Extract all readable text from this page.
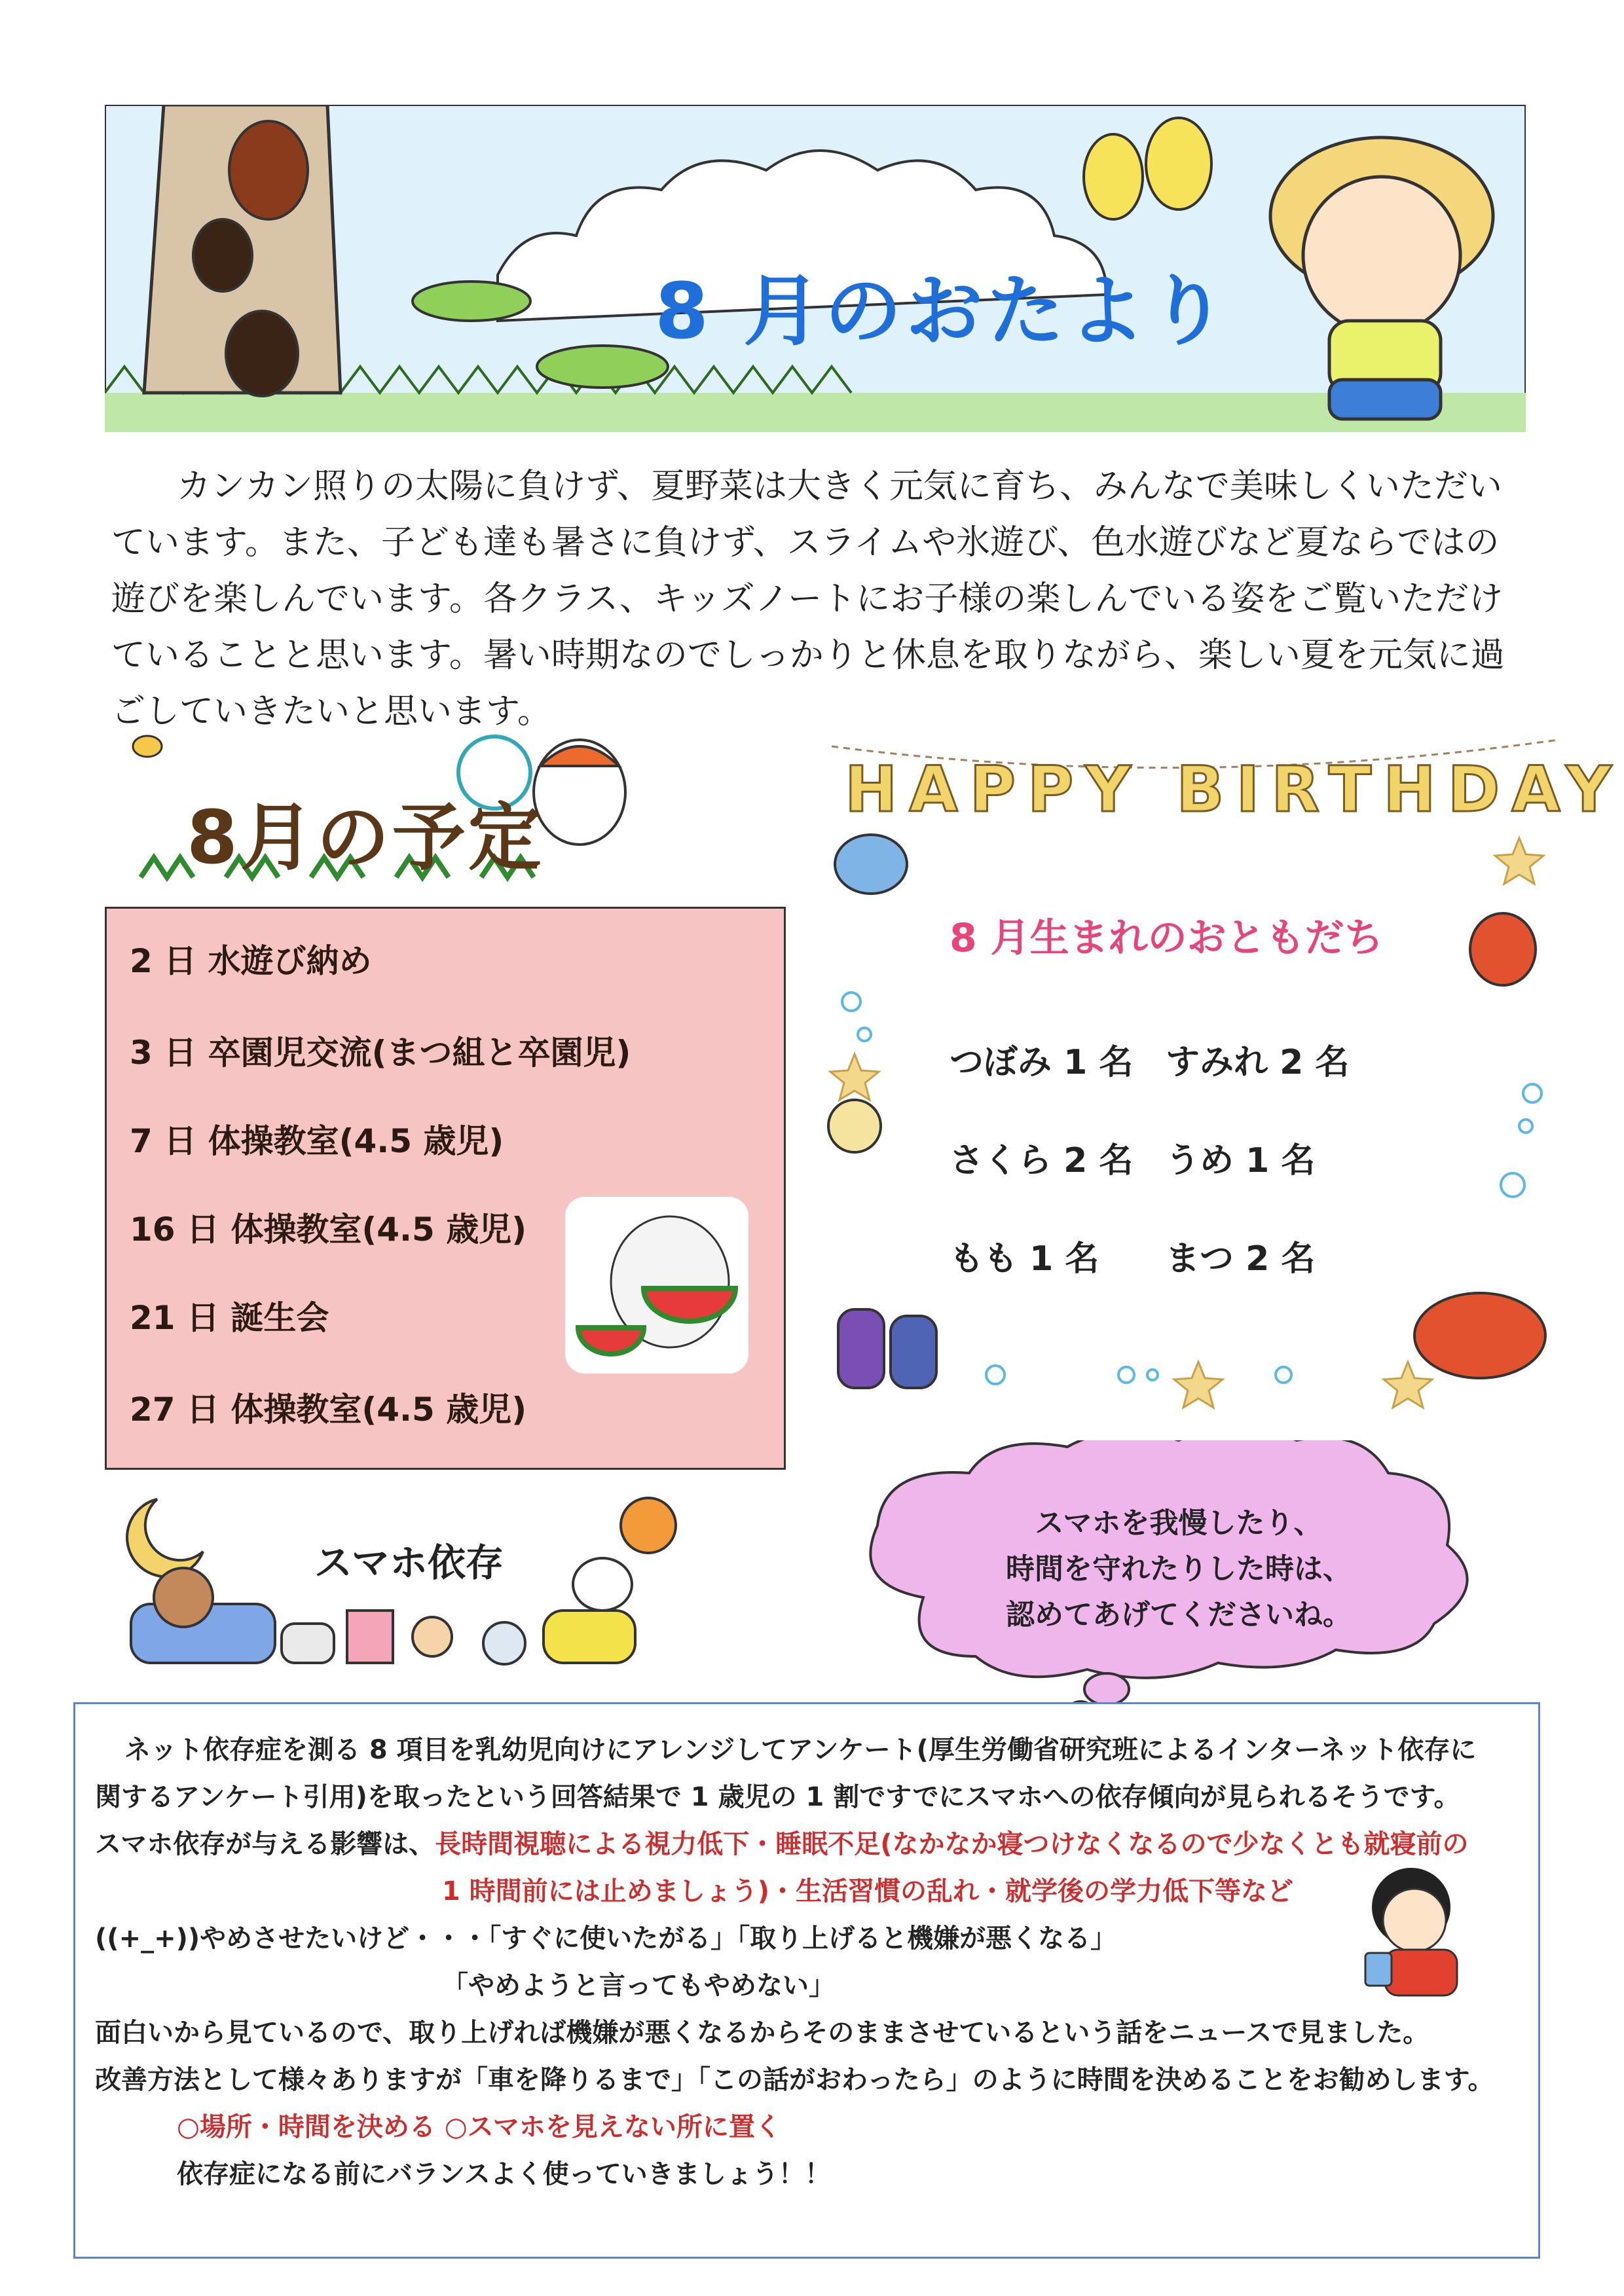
8 月のおたより
カンカン照りの太陽に負けず、夏野菜は大きく元気に育ち、みんなで美味しくいただいています。また、子ども達も暑さに負けず、スライムや氷遊び、色水遊びなど夏ならではの遊びを楽しんでいます。各クラス、キッズノートにお子様の楽しんでいる姿をご覧いただけていることと思います。暑い時期なのでしっかりと休息を取りながら、楽しい夏を元気に過ごしていきたいと思います。
8月の予定
2 日 水遊び納め
3 日 卒園児交流(まつ組と卒園児)
7 日 体操教室(4.5 歳児)
16 日 体操教室(4.5 歳児)
21 日 誕生会
27 日 体操教室(4.5 歳児)
HAPPY BIRTHDAY
8 月生まれのおともだち
つぼみ 1 名 すみれ 2 名
さくら 2 名 うめ 1 名
もも 1 名 まつ 2 名
スマホを我慢したり、
時間を守れたりした時は、
認めてあげてくださいね。
スマホ依存
ネット依存症を測る 8 項目を乳幼児向けにアレンジしてアンケート(厚生労働省研究班によるインターネット依存に
関するアンケート引用)を取ったという回答結果で 1 歳児の 1 割ですでにスマホへの依存傾向が見られるそうです。
スマホ依存が与える影響は、長時間視聴による視力低下・睡眠不足(なかなか寝つけなくなるので少なくとも就寝前の
1 時間前には止めましょう)・生活習慣の乱れ・就学後の学力低下等など
((+_+))やめさせたいけど・・・「すぐに使いたがる」「取り上げると機嫌が悪くなる」
「やめようと言ってもやめない」
面白いから見ているので、取り上げれば機嫌が悪くなるからそのままさせているという話をニュースで見ました。
改善方法として様々ありますが「車を降りるまで」「この話がおわったら」のように時間を決めることをお勧めします。
○場所・時間を決める ○スマホを見えない所に置く
依存症になる前にバランスよく使っていきましょう！！
